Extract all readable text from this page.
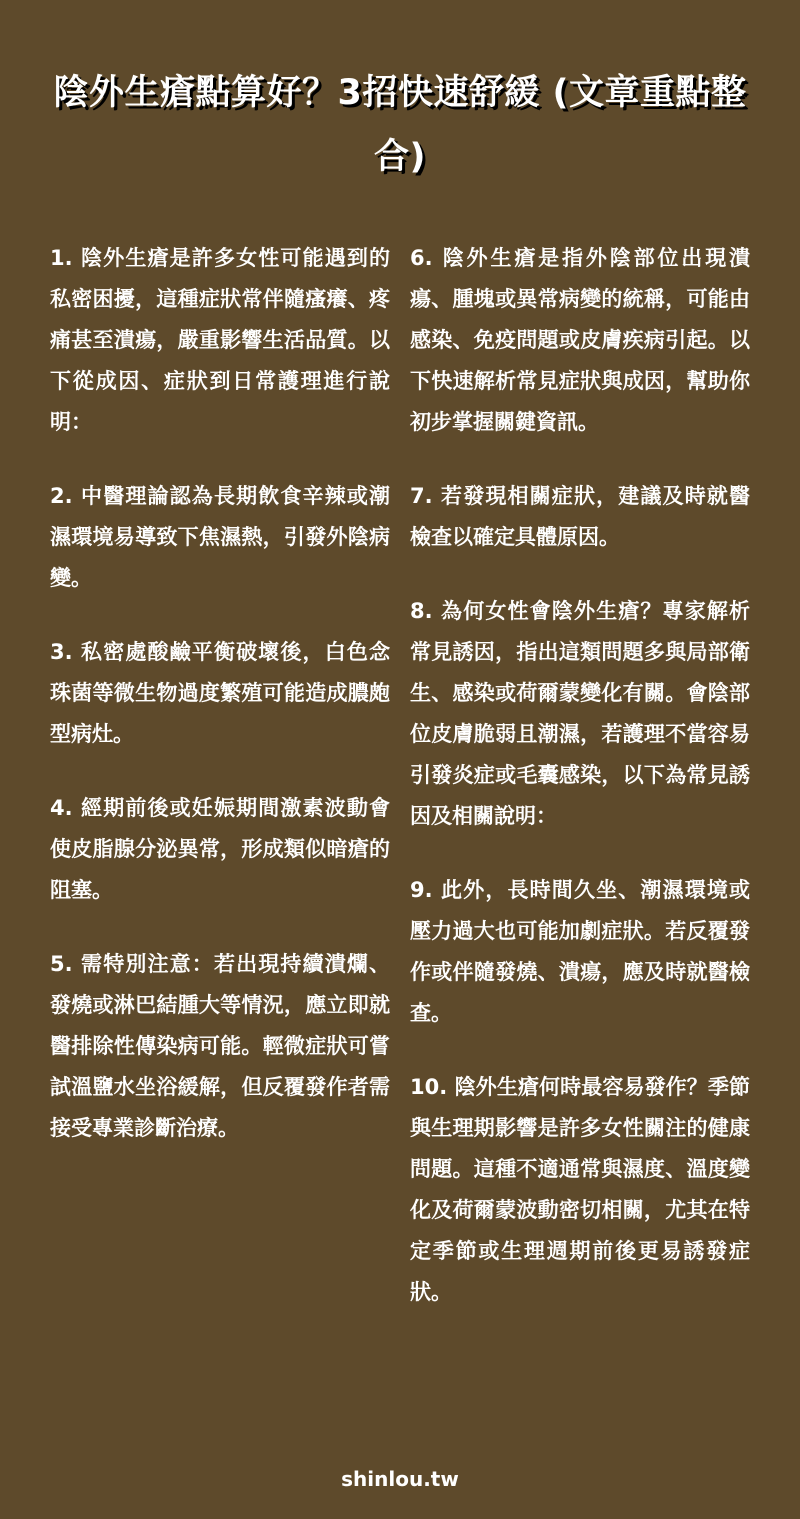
陰外生瘡點算好？3招快速舒緩 (文章重點整合)

1. 陰外生瘡是許多女性可能遇到的私密困擾，這種症狀常伴隨瘙癢、疼痛甚至潰瘍，嚴重影響生活品質。以下從成因、症狀到日常護理進行說明：

2. 中醫理論認為長期飲食辛辣或潮濕環境易導致下焦濕熱，引發外陰病變。

3. 私密處酸鹼平衡破壞後，白色念珠菌等微生物過度繁殖可能造成膿皰型病灶。

4. 經期前後或妊娠期間激素波動會使皮脂腺分泌異常，形成類似暗瘡的阻塞。

5. 需特別注意：若出現持續潰爛、發燒或淋巴結腫大等情況，應立即就醫排除性傳染病可能。輕微症狀可嘗試溫鹽水坐浴緩解，但反覆發作者需接受專業診斷治療。

6. 陰外生瘡是指外陰部位出現潰瘍、腫塊或異常病變的統稱，可能由感染、免疫問題或皮膚疾病引起。以下快速解析常見症狀與成因，幫助你初步掌握關鍵資訊。

7. 若發現相關症狀，建議及時就醫檢查以確定具體原因。

8. 為何女性會陰外生瘡？專家解析常見誘因，指出這類問題多與局部衛生、感染或荷爾蒙變化有關。會陰部位皮膚脆弱且潮濕，若護理不當容易引發炎症或毛囊感染，以下為常見誘因及相關說明：

9. 此外，長時間久坐、潮濕環境或壓力過大也可能加劇症狀。若反覆發作或伴隨發燒、潰瘍，應及時就醫檢查。

10. 陰外生瘡何時最容易發作？季節與生理期影響是許多女性關注的健康問題。這種不適通常與濕度、溫度變化及荷爾蒙波動密切相關，尤其在特定季節或生理週期前後更易誘發症狀。

shinlou.tw
